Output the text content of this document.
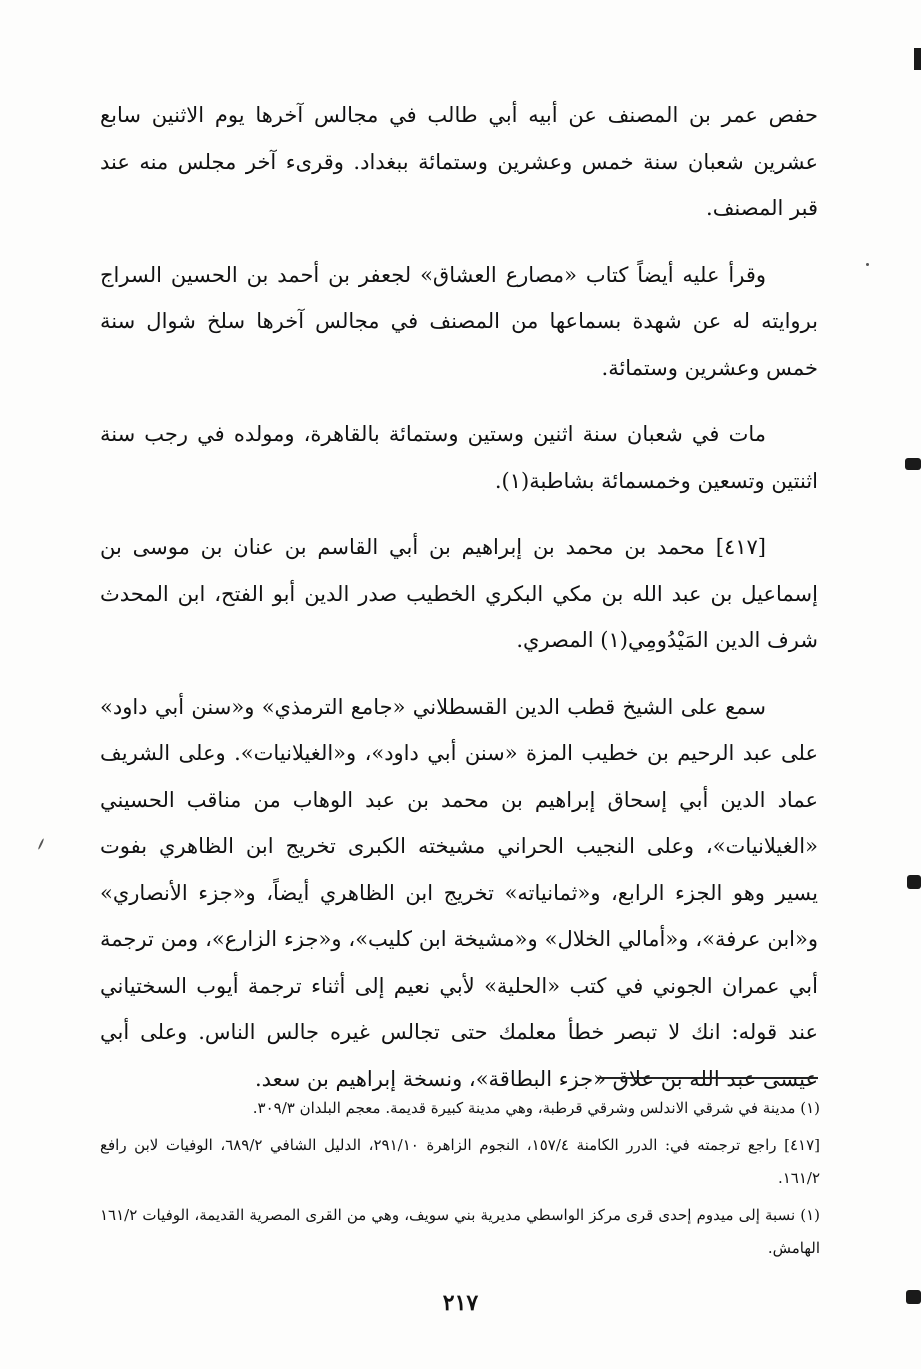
حفص عمر بن المصنف عن أبيه أبي طالب في مجالس آخرها يوم الاثنين سابع عشرين شعبان سنة خمس وعشرين وستمائة ببغداد. وقرىء آخر مجلس منه عند قبر المصنف.

وقرأ عليه أيضاً كتاب «مصارع العشاق» لجعفر بن أحمد بن الحسين السراج بروايته له عن شهدة بسماعها من المصنف في مجالس آخرها سلخ شوال سنة خمس وعشرين وستمائة.

مات في شعبان سنة اثنين وستين وستمائة بالقاهرة، ومولده في رجب سنة اثنتين وتسعين وخمسمائة بشاطبة(١).

[٤١٧] محمد بن محمد بن إبراهيم بن أبي القاسم بن عنان بن موسى بن إسماعيل بن عبد الله بن مكي البكري الخطيب صدر الدين أبو الفتح، ابن المحدث شرف الدين المَيْدُومِي(١) المصري.

سمع على الشيخ قطب الدين القسطلاني «جامع الترمذي» و«سنن أبي داود» على عبد الرحيم بن خطيب المزة «سنن أبي داود»، و«الغيلانيات». وعلى الشريف عماد الدين أبي إسحاق إبراهيم بن محمد بن عبد الوهاب من مناقب الحسيني «الغيلانيات»، وعلى النجيب الحراني مشيخته الكبرى تخريج ابن الظاهري بفوت يسير وهو الجزء الرابع، و«ثمانياته» تخريج ابن الظاهري أيضاً، و«جزء الأنصاري» و«ابن عرفة»، و«أمالي الخلال» و«مشيخة ابن كليب»، و«جزء الزارع»، ومن ترجمة أبي عمران الجوني في كتب «الحلية» لأبي نعيم إلى أثناء ترجمة أيوب السختياني عند قوله: انك لا تبصر خطأ معلمك حتى تجالس غيره جالس الناس. وعلى أبي عيسى عبد الله بن علاق «جزء البطاقة»، ونسخة إبراهيم بن سعد.

(١) مدينة في شرقي الاندلس وشرقي قرطبة، وهي مدينة كبيرة قديمة. معجم البلدان ٣٠٩/٣.

[٤١٧] راجع ترجمته في: الدرر الكامنة ١٥٧/٤، النجوم الزاهرة ٢٩١/١٠، الدليل الشافي ٦٨٩/٢، الوفيات لابن رافع ١٦١/٢.

(١) نسبة إلى ميدوم إحدى قرى مركز الواسطي مديرية بني سويف، وهي من القرى المصرية القديمة، الوفيات ١٦١/٢ الهامش.

٢١٧
